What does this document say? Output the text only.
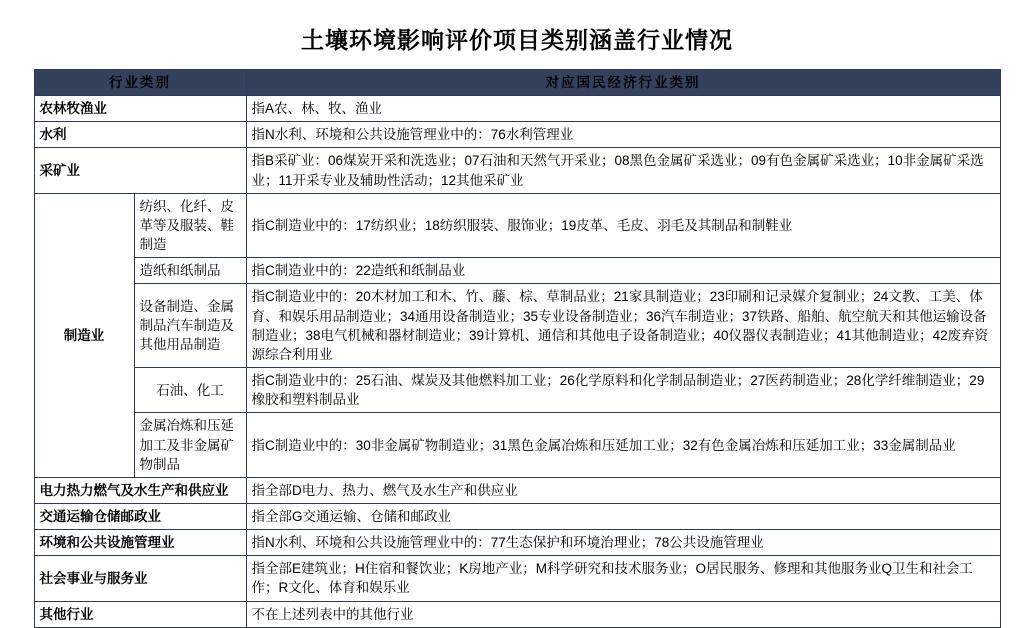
土壤环境影响评价项目类别涵盖行业情况
行业类别		对应国民经济行业类别
农林牧渔业		指A农、林、牧、渔业
水利		指N水利、环境和公共设施管理业中的：76水利管理业
采矿业		指B采矿业：06煤炭开采和洗选业；07石油和天然气开采业；08黑色金属矿采选业；09有色金属矿采选业；10非金属矿采选业；11开采专业及辅助性活动；12其他采矿业
制造业	纺织、化纤、皮革等及服装、鞋制造	指C制造业中的：17纺织业；18纺织服装、服饰业；19皮革、毛皮、羽毛及其制品和制鞋业
	造纸和纸制品	指C制造业中的：22造纸和纸制品业
	设备制造、金属制品汽车制造及其他用品制造	指C制造业中的：20木材加工和木、竹、藤、棕、草制品业；21家具制造业；23印刷和记录媒介复制业；24文教、工美、体育、和娱乐用品制造业；34通用设备制造业；35专业设备制造业；36汽车制造业；37铁路、船舶、航空航天和其他运输设备制造业；38电气机械和器材制造业；39计算机、通信和其他电子设备制造业；40仪器仪表制造业；41其他制造业；42废弃资源综合利用业
	石油、化工	指C制造业中的：25石油、煤炭及其他燃料加工业；26化学原料和化学制品制造业；27医药制造业；28化学纤维制造业；29橡胶和塑料制品业
	金属冶炼和压延加工及非金属矿物制品	指C制造业中的：30非金属矿物制造业；31黑色金属冶炼和压延加工业；32有色金属冶炼和压延加工业；33金属制品业
电力热力燃气及水生产和供应业		指全部D电力、热力、燃气及水生产和供应业
交通运输仓储邮政业		指全部G交通运输、仓储和邮政业
环境和公共设施管理业		指N水利、环境和公共设施管理业中的：77生态保护和环境治理业；78公共设施管理业
社会事业与服务业		指全部E建筑业；H住宿和餐饮业；K房地产业；M科学研究和技术服务业；O居民服务、修理和其他服务业Q卫生和社会工作；R文化、体育和娱乐业
其他行业		不在上述列表中的其他行业
